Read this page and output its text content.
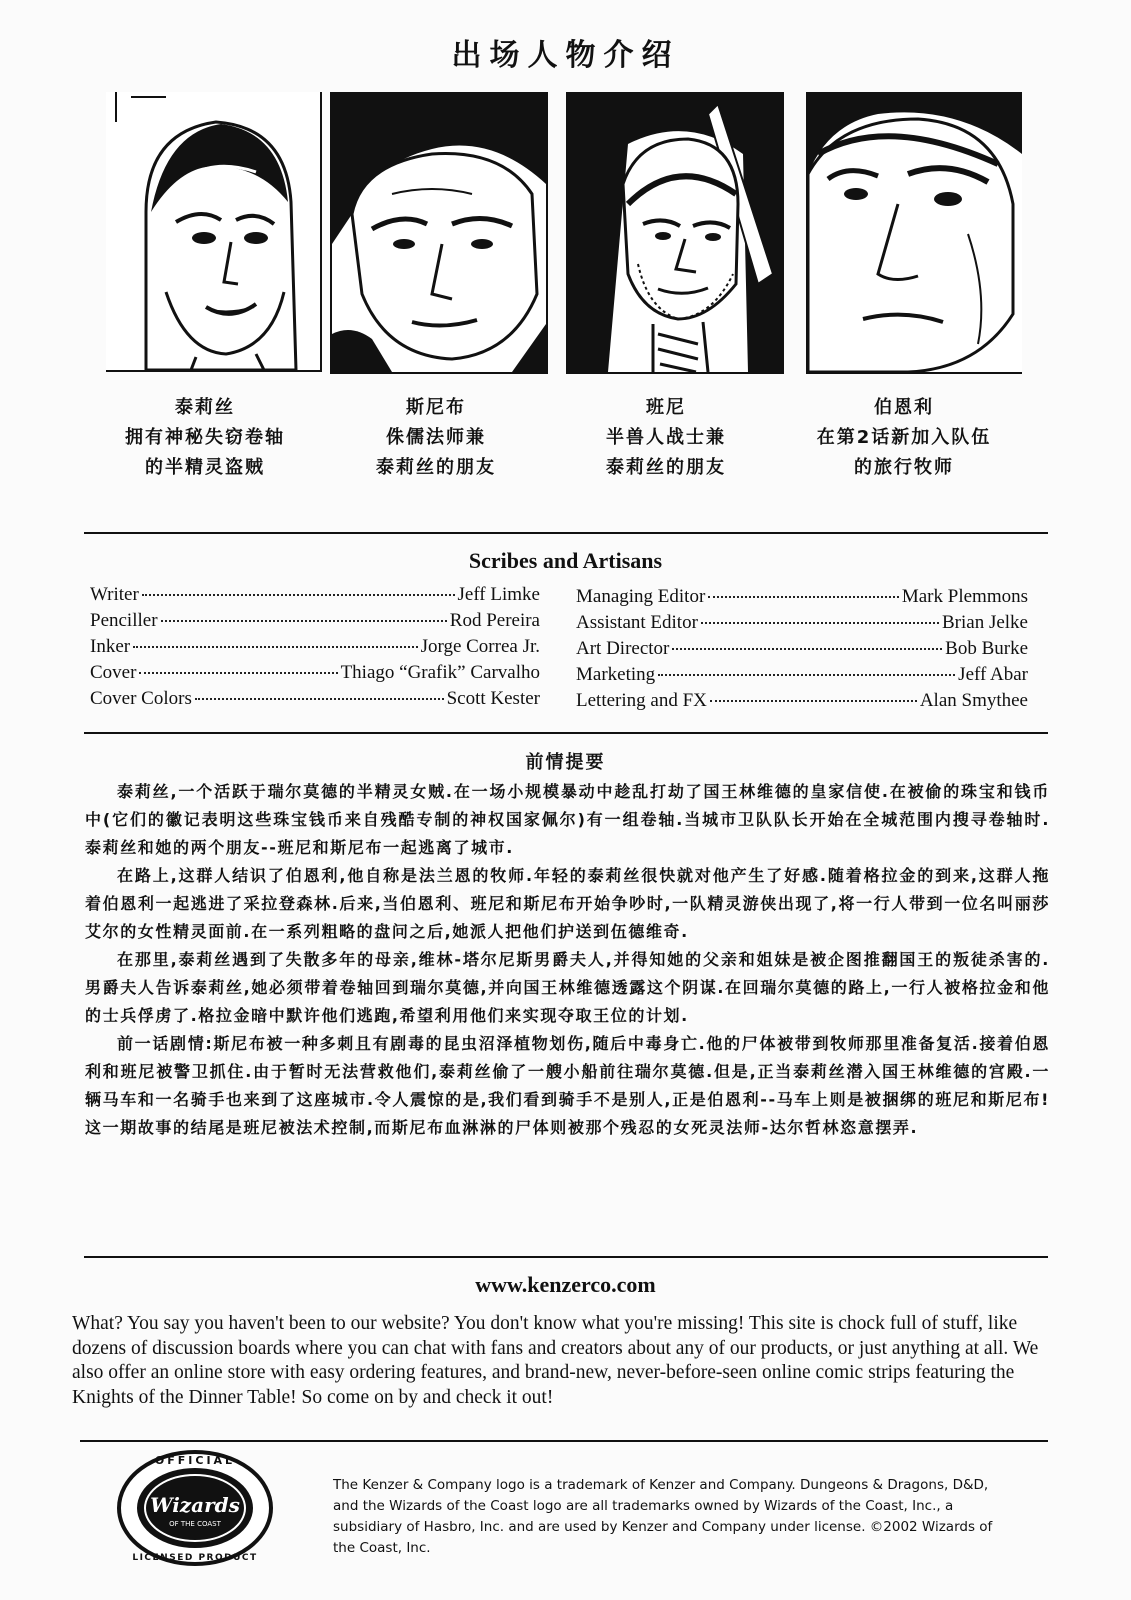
出场人物介绍
泰莉丝
拥有神秘失窃卷轴
的半精灵盗贼
斯尼布
侏儒法师兼
泰莉丝的朋友
班尼
半兽人战士兼
泰莉丝的朋友
伯恩利
在第2话新加入队伍
的旅行牧师
Scribes and Artisans
Writer	Jeff Limke
Penciller	Rod Pereira
Inker	Jorge Correa Jr.
Cover	Thiago “Grafik” Carvalho
Cover Colors	Scott Kester
Managing Editor	Mark Plemmons
Assistant Editor	Brian Jelke
Art Director	Bob Burke
Marketing	Jeff Abar
Lettering and FX	Alan Smythee
前情提要

泰莉丝,一个活跃于瑞尔莫德的半精灵女贼.在一场小规模暴动中趁乱打劫了国王林维德的皇家信使.在被偷的珠宝和钱币中(它们的徽记表明这些珠宝钱币来自残酷专制的神权国家佩尔)有一组卷轴.当城市卫队队长开始在全城范围内搜寻卷轴时.泰莉丝和她的两个朋友--班尼和斯尼布一起逃离了城市.

在路上,这群人结识了伯恩利,他自称是法兰恩的牧师.年轻的泰莉丝很快就对他产生了好感.随着格拉金的到来,这群人拖着伯恩利一起逃进了采拉登森林.后来,当伯恩利、班尼和斯尼布开始争吵时,一队精灵游侠出现了,将一行人带到一位名叫丽莎艾尔的女性精灵面前.在一系列粗略的盘问之后,她派人把他们护送到伍德维奇.

在那里,泰莉丝遇到了失散多年的母亲,维林-塔尔尼斯男爵夫人,并得知她的父亲和姐妹是被企图推翻国王的叛徒杀害的.男爵夫人告诉泰莉丝,她必须带着卷轴回到瑞尔莫德,并向国王林维德透露这个阴谋.在回瑞尔莫德的路上,一行人被格拉金和他的士兵俘虏了.格拉金暗中默许他们逃跑,希望利用他们来实现夺取王位的计划.

前一话剧情:斯尼布被一种多刺且有剧毒的昆虫沼泽植物划伤,随后中毒身亡.他的尸体被带到牧师那里准备复活.接着伯恩利和班尼被警卫抓住.由于暂时无法营救他们,泰莉丝偷了一艘小船前往瑞尔莫德.但是,正当泰莉丝潜入国王林维德的宫殿.一辆马车和一名骑手也来到了这座城市.令人震惊的是,我们看到骑手不是别人,正是伯恩利--马车上则是被捆绑的班尼和斯尼布!这一期故事的结尾是班尼被法术控制,而斯尼布血淋淋的尸体则被那个残忍的女死灵法师-达尔哲林恣意摆弄.

www.kenzerco.com
What? You say you haven't been to our website? You don't know what you're missing! This site is chock full of stuff, like dozens of discussion boards where you can chat with fans and creators about any of our products, or just anything at all. We also offer an online store with easy ordering features, and brand-new, never-before-seen online comic strips featuring the Knights of the Dinner Table! So come on by and check it out!
OFFICIAL
Wizards
OF THE COAST
LICENSED PRODUCT
The Kenzer & Company logo is a trademark of Kenzer and Company. Dungeons & Dragons, D&D, and the Wizards of the Coast logo are all trademarks owned by Wizards of the Coast, Inc., a subsidiary of Hasbro, Inc. and are used by Kenzer and Company under license. ©2002 Wizards of the Coast, Inc.
